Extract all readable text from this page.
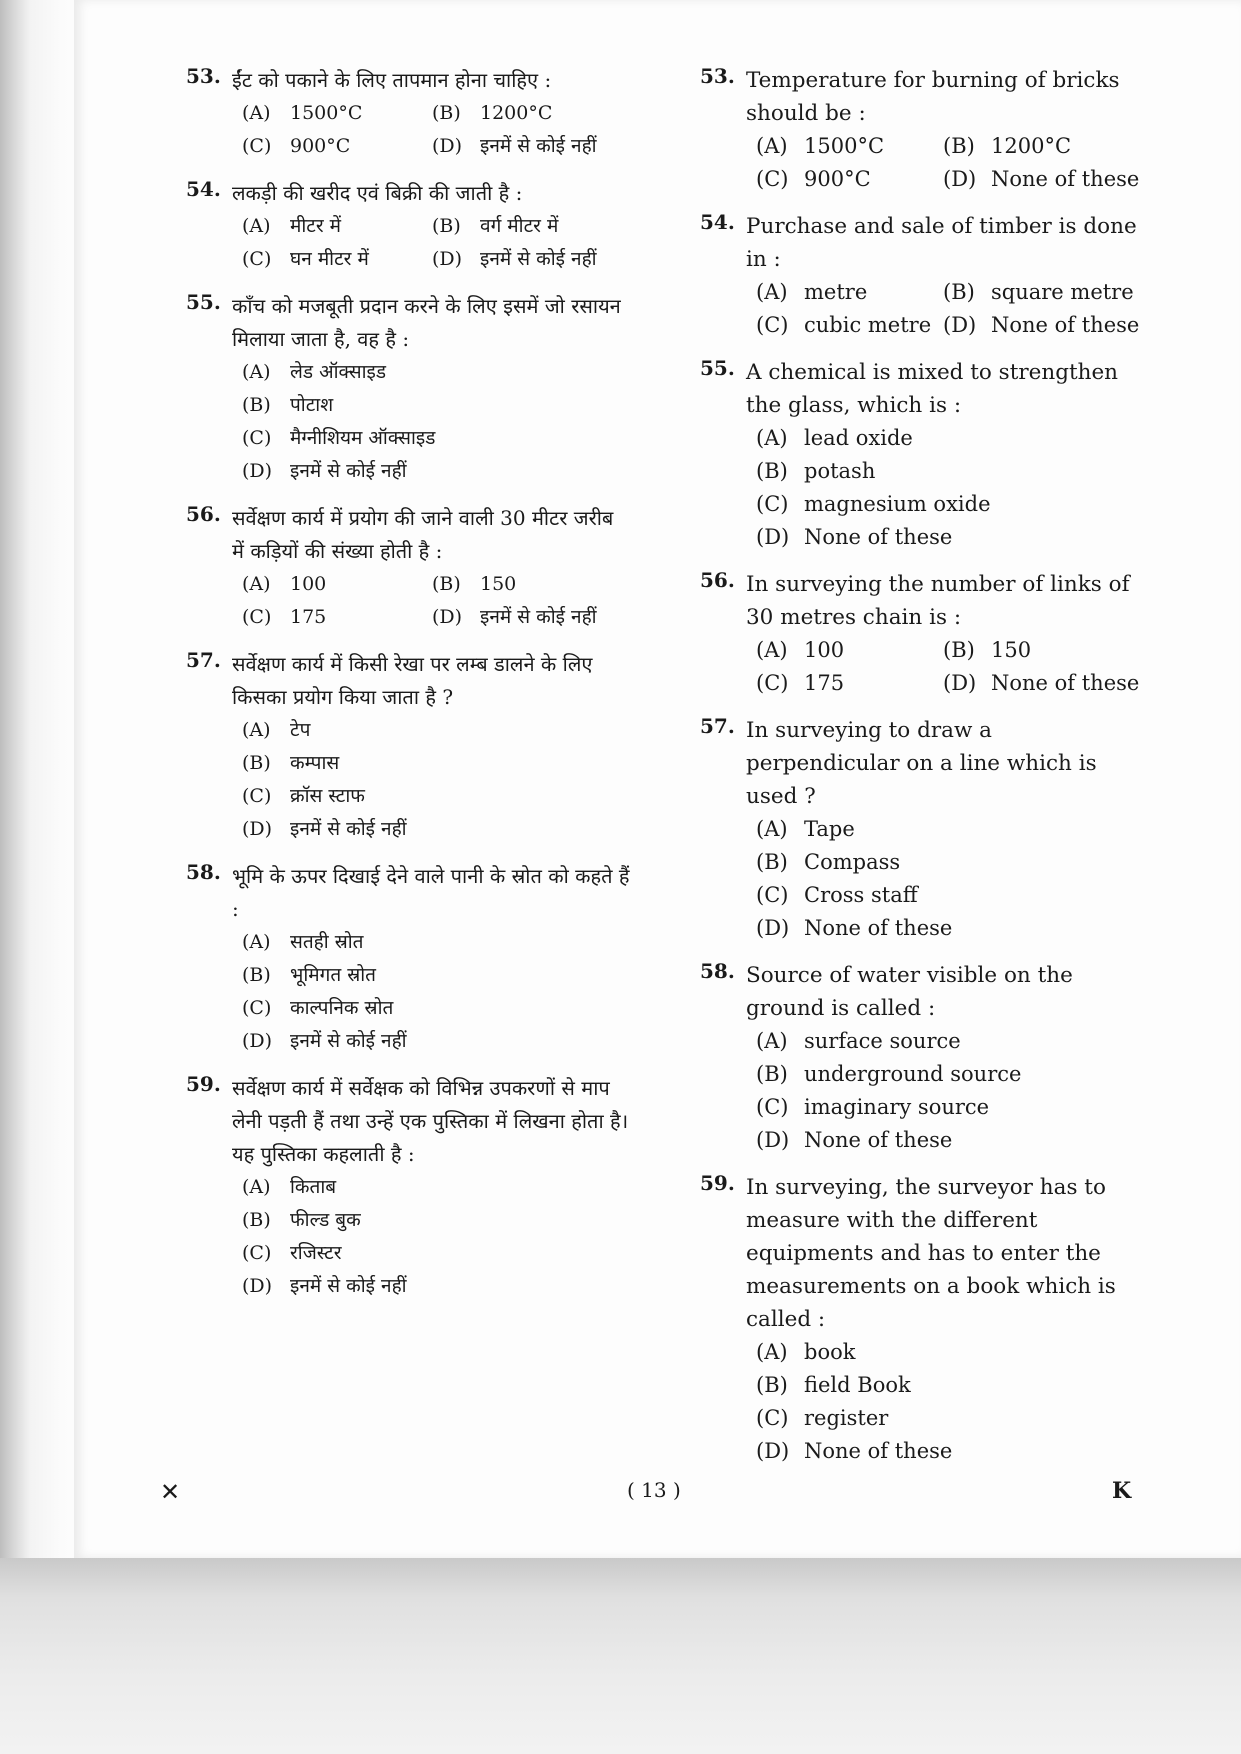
53. ईंट को पकाने के लिए तापमान होना चाहिए :
(A) 1500°C	(B) 1200°C
(C) 900°C	(D) इनमें से कोई नहीं
54. लकड़ी की खरीद एवं बिक्री की जाती है :
(A) मीटर में	(B) वर्ग मीटर में
(C) घन मीटर में	(D) इनमें से कोई नहीं
55. काँच को मजबूती प्रदान करने के लिए इसमें जो रसायन मिलाया जाता है, वह है :
(A) लेड ऑक्साइड
(B) पोटाश
(C) मैग्नीशियम ऑक्साइड
(D) इनमें से कोई नहीं
56. सर्वेक्षण कार्य में प्रयोग की जाने वाली 30 मीटर जरीब में कड़ियों की संख्या होती है :
(A) 100	(B) 150
(C) 175	(D) इनमें से कोई नहीं
57. सर्वेक्षण कार्य में किसी रेखा पर लम्ब डालने के लिए किसका प्रयोग किया जाता है ?
(A) टेप
(B) कम्पास
(C) क्रॉस स्टाफ
(D) इनमें से कोई नहीं
58. भूमि के ऊपर दिखाई देने वाले पानी के स्रोत को कहते हैं :
(A) सतही स्रोत
(B) भूमिगत स्रोत
(C) काल्पनिक स्रोत
(D) इनमें से कोई नहीं
59. सर्वेक्षण कार्य में सर्वेक्षक को विभिन्न उपकरणों से माप लेनी पड़ती हैं तथा उन्हें एक पुस्तिका में लिखना होता है। यह पुस्तिका कहलाती है :
(A) किताब
(B) फील्ड बुक
(C) रजिस्टर
(D) इनमें से कोई नहीं
53. Temperature for burning of bricks should be :
(A) 1500°C	(B) 1200°C
(C) 900°C	(D) None of these
54. Purchase and sale of timber is done in :
(A) metre	(B) square metre
(C) cubic metre (D) None of these
55. A chemical is mixed to strengthen the glass, which is :
(A) lead oxide
(B) potash
(C) magnesium oxide
(D) None of these
56. In surveying the number of links of 30 metres chain is :
(A) 100	(B) 150
(C) 175	(D) None of these
57. In surveying to draw a perpendicular on a line which is used ?
(A) Tape
(B) Compass
(C) Cross staff
(D) None of these
58. Source of water visible on the ground is called :
(A) surface source
(B) underground source
(C) imaginary source
(D) None of these
59. In surveying, the surveyor has to measure with the different equipments and has to enter the measurements on a book which is called :
(A) book
(B) field Book
(C) register
(D) None of these
✕	( 13 )	K
